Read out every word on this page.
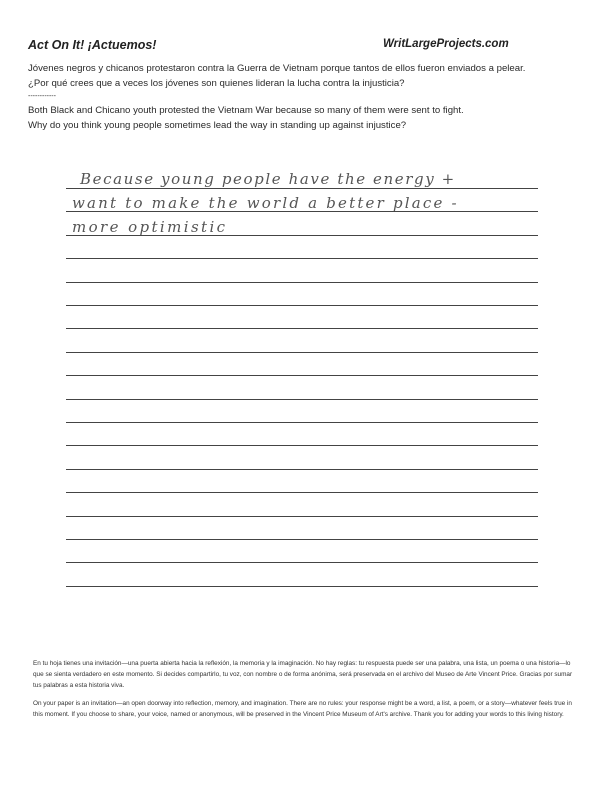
Act On It! ¡Actuemos!	WritLargeProjects.com
Jóvenes negros y chicanos protestaron contra la Guerra de Vietnam porque tantos de ellos fueron enviados a pelear.
¿Por qué crees que a veces los jóvenes son quienes lideran la lucha contra la injusticia?
------------
Both Black and Chicano youth protested the Vietnam War because so many of them were sent to fight.
Why do you think young people sometimes lead the way in standing up against injustice?
Because young people have the energy +
want to make the world a better place -
more optimistic
En tu hoja tienes una invitación—una puerta abierta hacia la reflexión, la memoria y la imaginación. No hay reglas: tu respuesta puede ser una palabra, una lista, un poema o una historia—lo que se sienta verdadero en este momento. Si decides compartirlo, tu voz, con nombre o de forma anónima, será preservada en el archivo del Museo de Arte Vincent Price. Gracias por sumar tus palabras a esta historia viva.
On your paper is an invitation—an open doorway into reflection, memory, and imagination. There are no rules: your response might be a word, a list, a poem, or a story—whatever feels true in this moment. If you choose to share, your voice, named or anonymous, will be preserved in the Vincent Price Museum of Art's archive. Thank you for adding your words to this living history.
